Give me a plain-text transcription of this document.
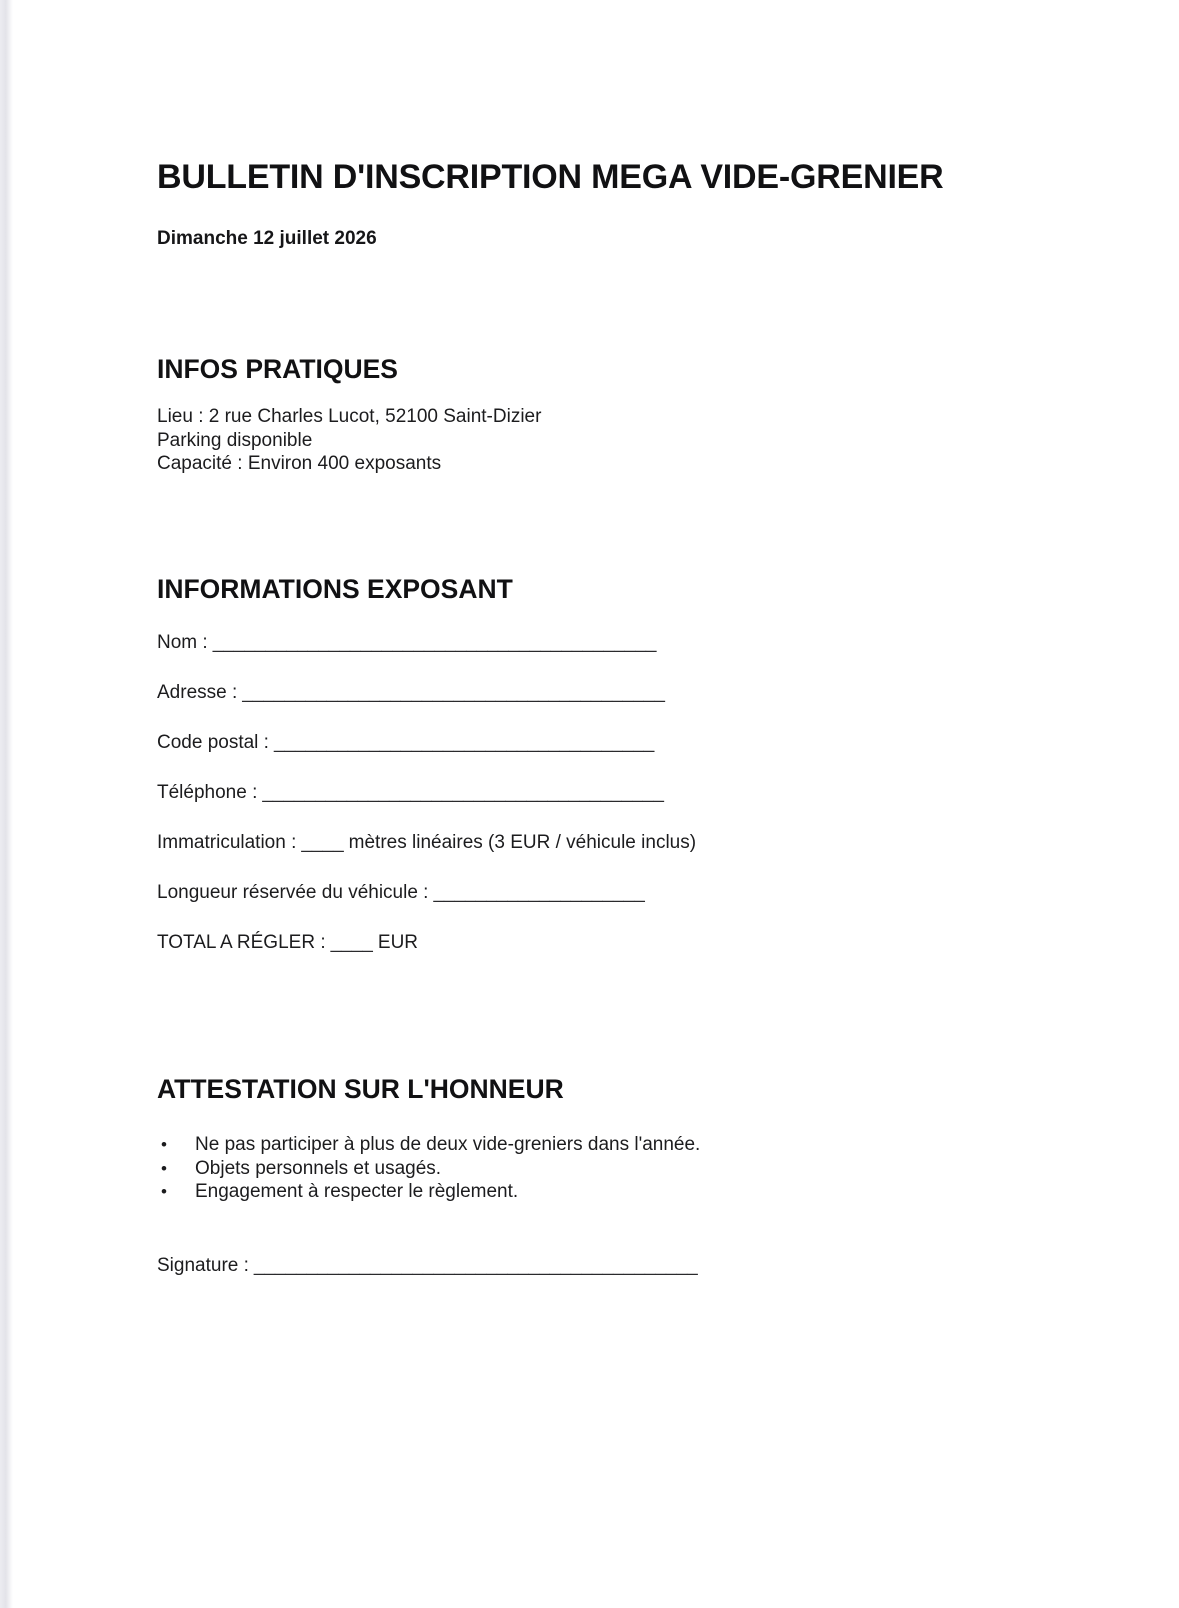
BULLETIN D'INSCRIPTION MEGA VIDE-GRENIER
Dimanche 12 juillet 2026
INFOS PRATIQUES
Lieu : 2 rue Charles Lucot, 52100 Saint-Dizier
Parking disponible
Capacité : Environ 400 exposants
INFORMATIONS EXPOSANT
Nom : __________________________________________
Adresse : ________________________________________
Code postal : ____________________________________
Téléphone : ______________________________________
Immatriculation : ____ mètres linéaires (3 EUR / véhicule inclus)
Longueur réservée du véhicule : ____________________
TOTAL A RÉGLER : ____ EUR
ATTESTATION SUR L'HONNEUR
• Ne pas participer à plus de deux vide-greniers dans l'année.
• Objets personnels et usagés.
• Engagement à respecter le règlement.
Signature : __________________________________________
